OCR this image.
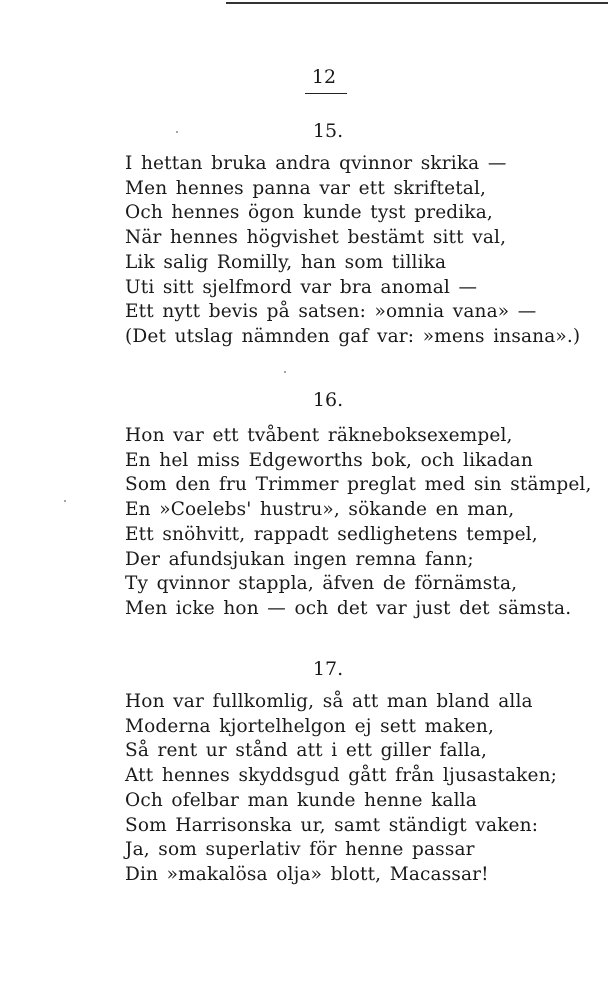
12
15.
I hettan bruka andra qvinnor skrika —
Men hennes panna var ett skriftetal,
Och hennes ögon kunde tyst predika,
När hennes högvishet bestämt sitt val,
Lik salig Romilly, han som tillika
Uti sitt sjelfmord var bra anomal —
Ett nytt bevis på satsen: »omnia vana» —
(Det utslag nämnden gaf var: »mens insana».)
16.
Hon var ett tvåbent räkneboksexempel,
En hel miss Edgeworths bok, och likadan
Som den fru Trimmer preglat med sin stämpel,
En »Coelebs' hustru», sökande en man,
Ett snöhvitt, rappadt sedlighetens tempel,
Der afundsjukan ingen remna fann;
Ty qvinnor stappla, äfven de förnämsta,
Men icke hon — och det var just det sämsta.
17.
Hon var fullkomlig, så att man bland alla
Moderna kjortelhelgon ej sett maken,
Så rent ur stånd att i ett giller falla,
Att hennes skyddsgud gått från ljusastaken;
Och ofelbar man kunde henne kalla
Som Harrisonska ur, samt ständigt vaken:
Ja, som superlativ för henne passar
Din »makalösa olja» blott, Macassar!
